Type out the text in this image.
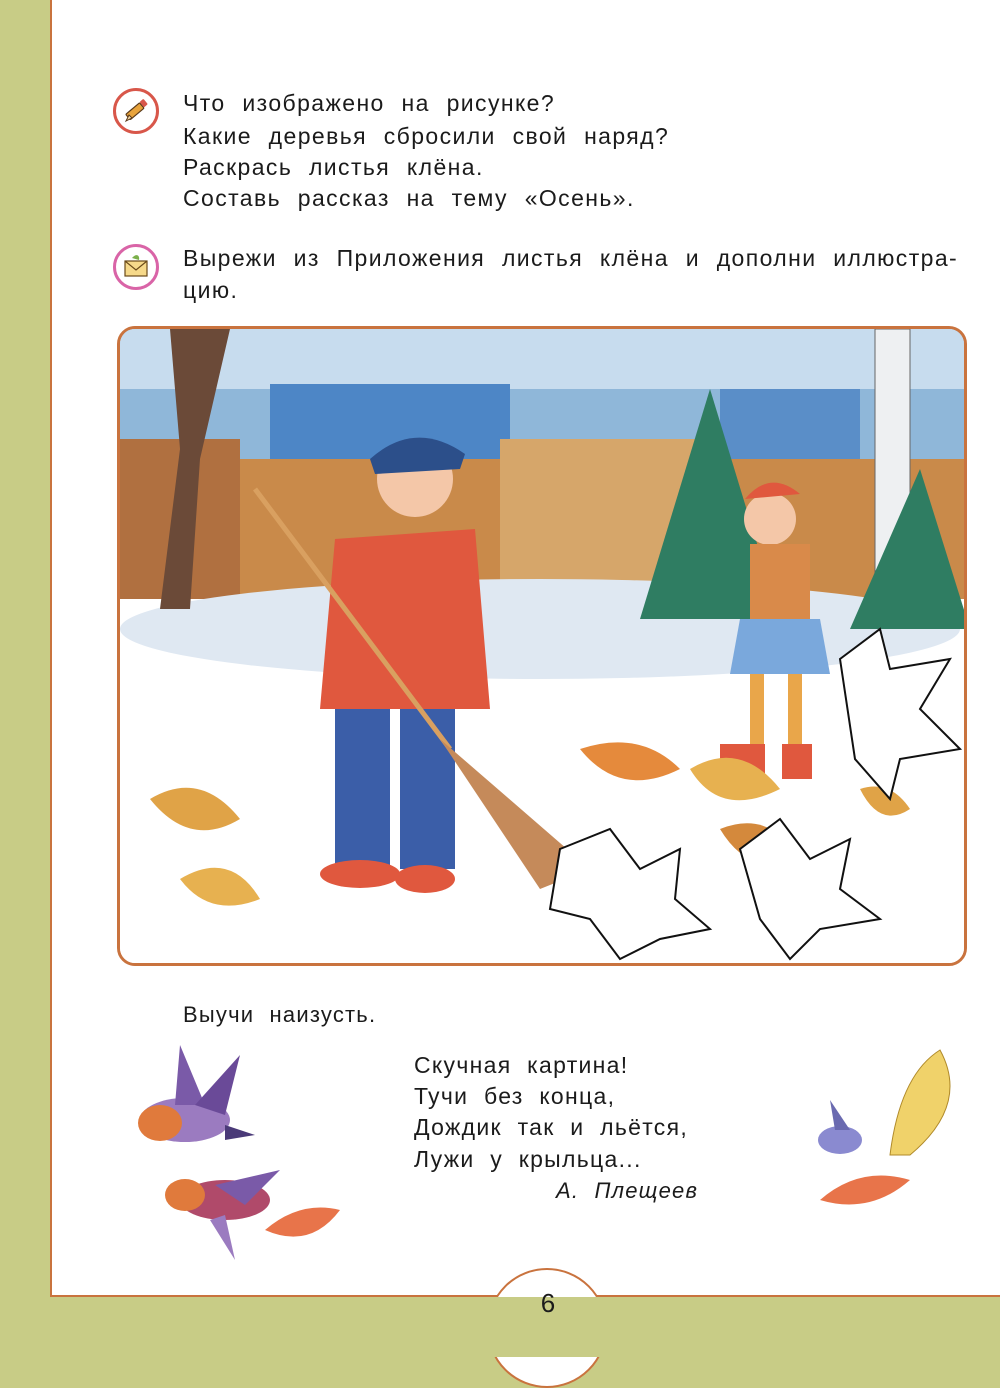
Что изображено на рисунке?
Какие деревья сбросили свой наряд?
Раскрась листья клёна.
Составь рассказ на тему «Осень».
Вырежи из Приложения листья клёна и дополни иллюстра-
цию.
Выучи наизусть.
Скучная картина!
Тучи без конца,
Дождик так и льётся,
Лужи у крыльца...
А. Плещеев
6
